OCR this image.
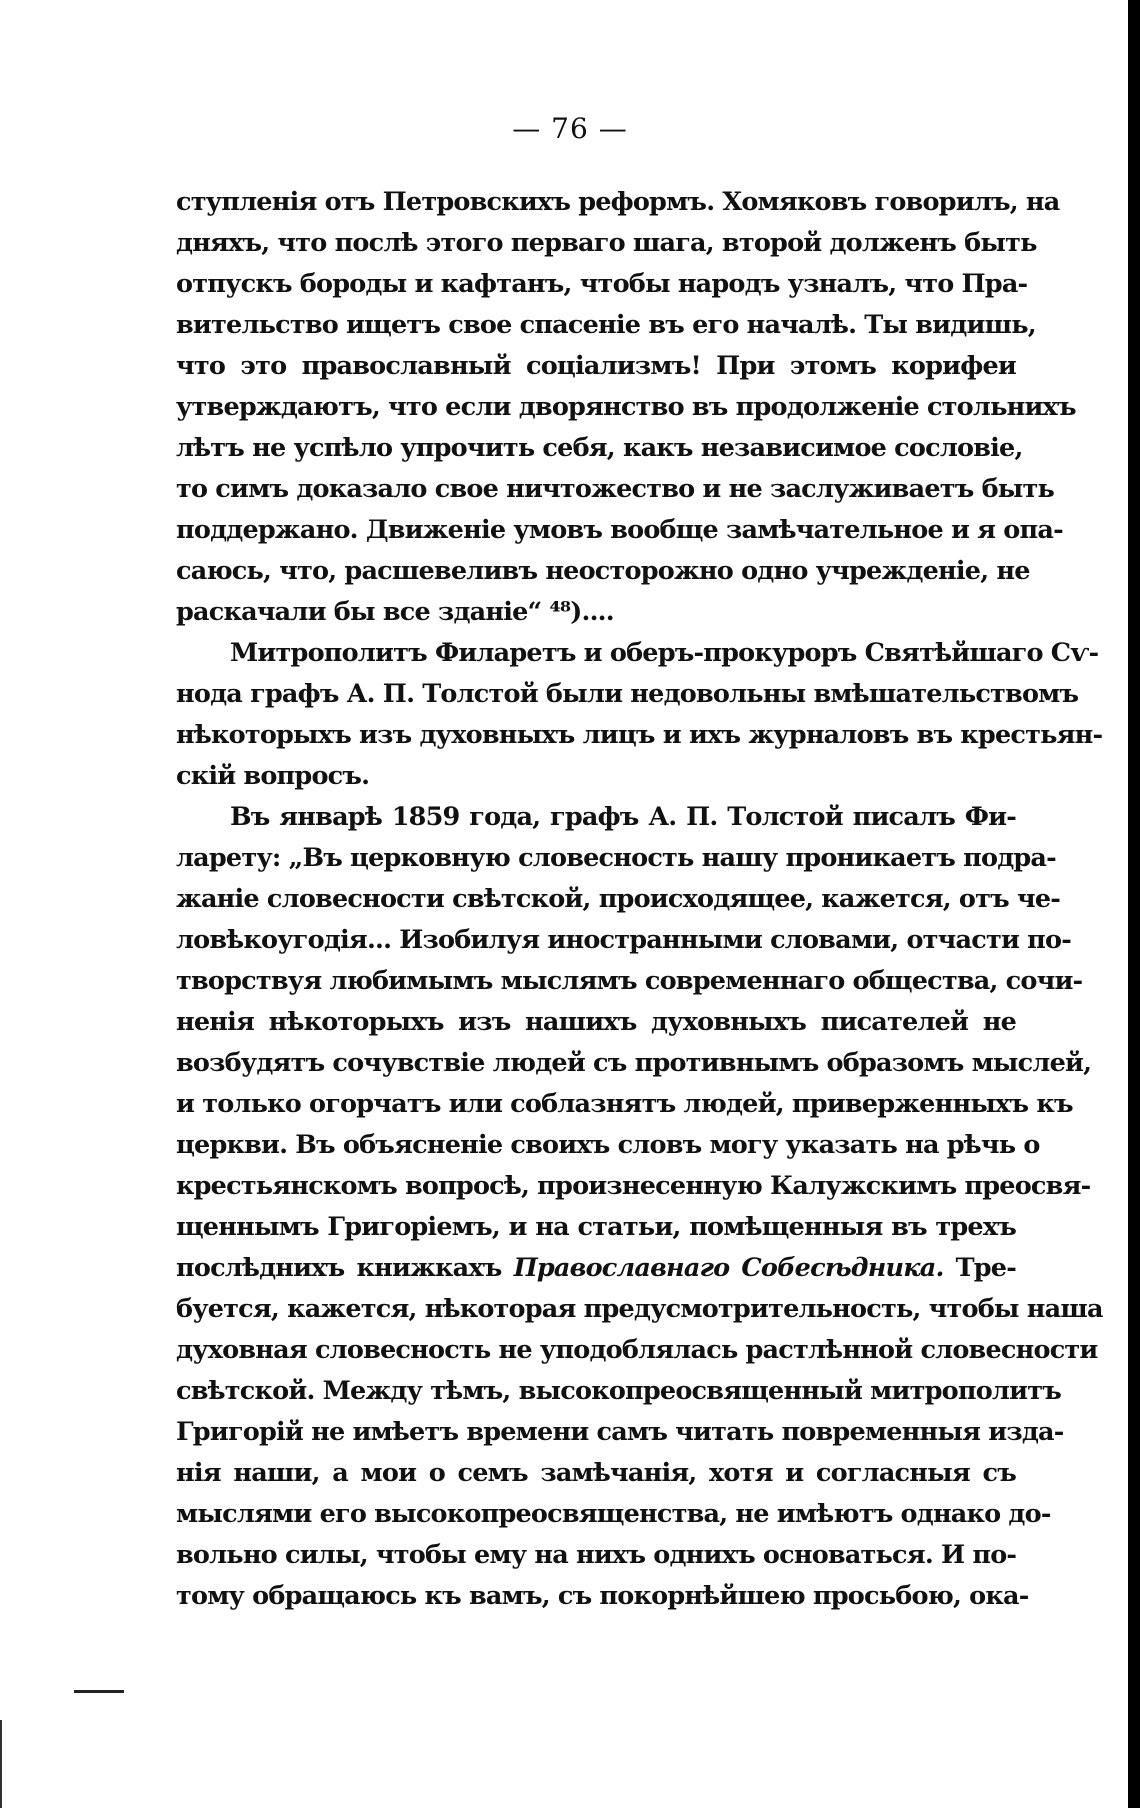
— 76 —
ступленія отъ Петровскихъ реформъ. Хомяковъ говорилъ, на
дняхъ, что послѣ этого перваго шага, второй долженъ быть
отпускъ бороды и кафтанъ, чтобы народъ узналъ, что Пра-
вительство ищетъ свое спасеніе въ его началѣ. Ты видишь,
что это православный соціализмъ! При этомъ корифеи
утверждаютъ, что если дворянство въ продолженіе стольнихъ
лѣтъ не успѣло упрочить себя, какъ независимое сословіе,
то симъ доказало свое ничтожество и не заслуживаетъ быть
поддержано. Движеніе умовъ вообще замѣчательное и я опа-
саюсь, что, расшевеливъ неосторожно одно учрежденіе, не
раскачали бы все зданіе“ ⁴⁸)....
Митрополитъ Филаретъ и оберъ-прокуроръ Святѣйшаго Сѵ-
нода графъ А. П. Толстой были недовольны вмѣшательствомъ
нѣкоторыхъ изъ духовныхъ лицъ и ихъ журналовъ въ крестьян-
скій вопросъ.
Въ январѣ 1859 года, графъ А. П. Толстой писалъ Фи-
ларету: „Въ церковную словесность нашу проникаетъ подра-
жаніе словесности свѣтской, происходящее, кажется, отъ че-
ловѣкоугодія... Изобилуя иностранными словами, отчасти по-
творствуя любимымъ мыслямъ современнаго общества, сочи-
ненія нѣкоторыхъ изъ нашихъ духовныхъ писателей не
возбудятъ сочувствіе людей съ противнымъ образомъ мыслей,
и только огорчатъ или соблазнятъ людей, приверженныхъ къ
церкви. Въ объясненіе своихъ словъ могу указать на рѣчь о
крестьянскомъ вопросѣ, произнесенную Калужскимъ преосвя-
щеннымъ Григоріемъ, и на статьи, помѣщенныя въ трехъ
послѣднихъ книжкахъ Православнаго Собесѣдника. Тре-
буется, кажется, нѣкоторая предусмотрительность, чтобы наша
духовная словесность не уподоблялась растлѣнной словесности
свѣтской. Между тѣмъ, высокопреосвященный митрополитъ
Григорій не имѣетъ времени самъ читать повременныя изда-
нія наши, а мои о семъ замѣчанія, хотя и согласныя съ
мыслями его высокопреосвященства, не имѣютъ однако до-
вольно силы, чтобы ему на нихъ однихъ основаться. И по-
тому обращаюсь къ вамъ, съ покорнѣйшею просьбою, ока-
